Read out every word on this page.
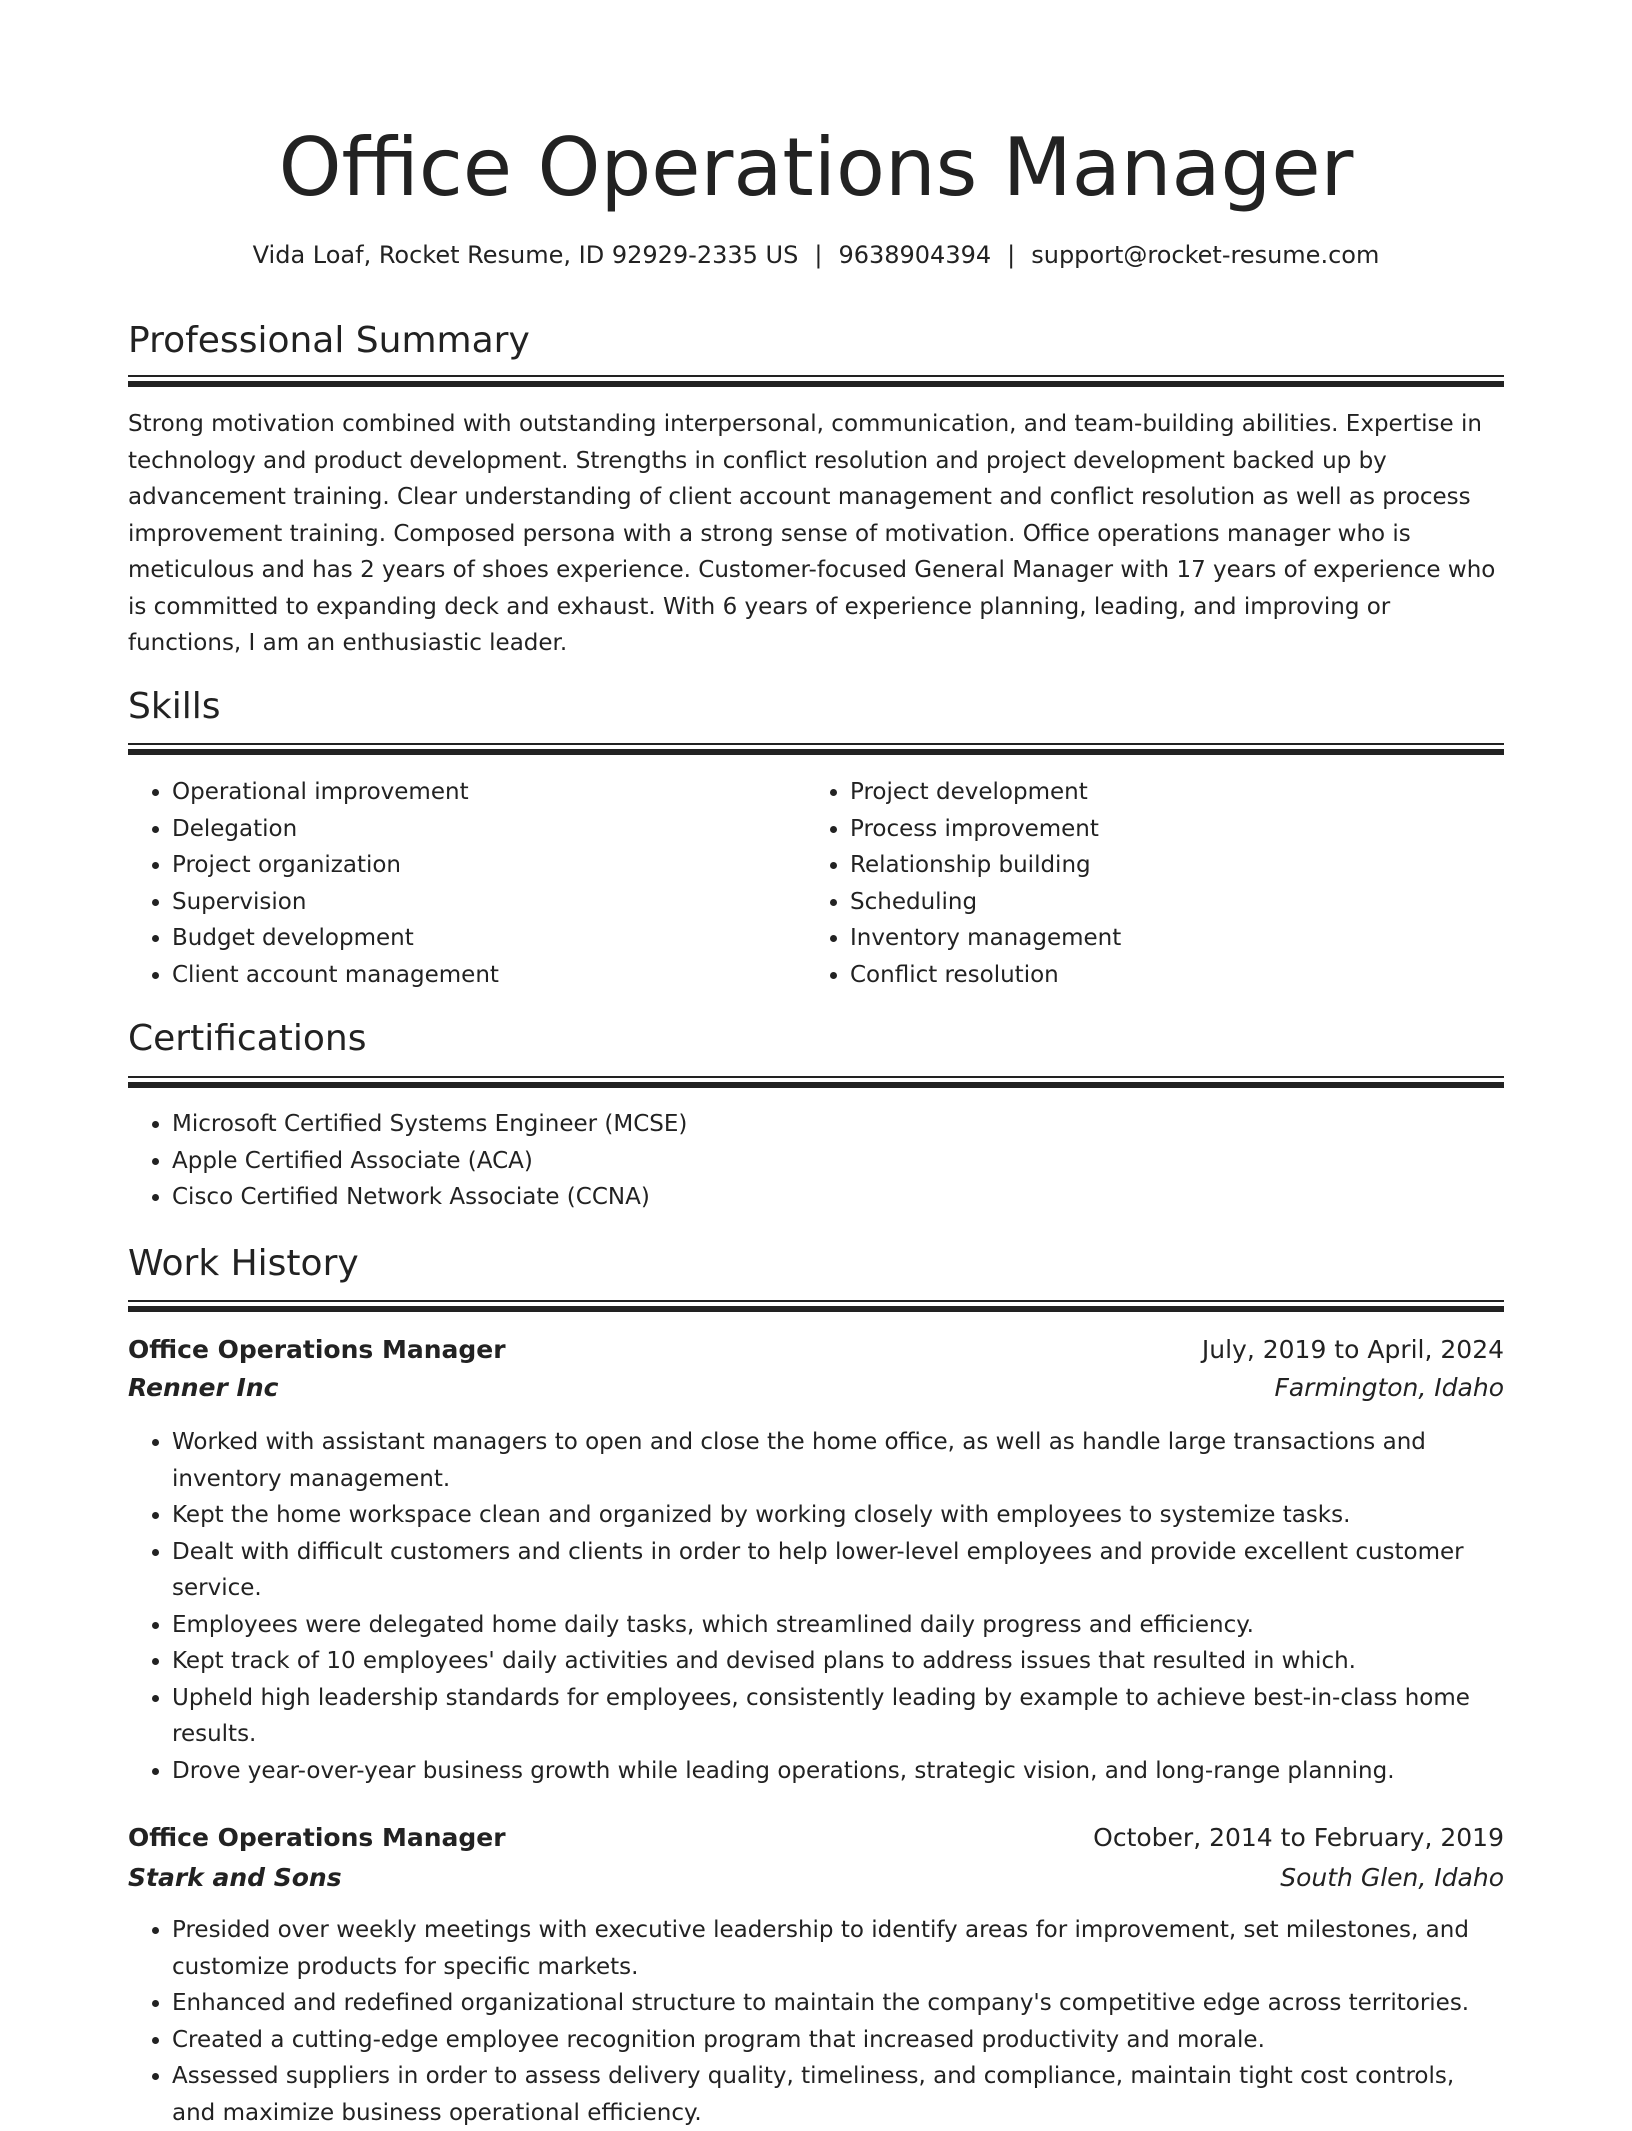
Office Operations Manager
Vida Loaf, Rocket Resume, ID 92929-2335 US | 9638904394 | support@rocket-resume.com
Professional Summary

Strong motivation combined with outstanding interpersonal, communication, and team-building abilities. Expertise in technology and product development. Strengths in conflict resolution and project development backed up by advancement training. Clear understanding of client account management and conflict resolution as well as process improvement training. Composed persona with a strong sense of motivation. Office operations manager who is meticulous and has 2 years of shoes experience. Customer-focused General Manager with 17 years of experience who is committed to expanding deck and exhaust. With 6 years of experience planning, leading, and improving or functions, I am an enthusiastic leader.

Skills
• Operational improvement
• Delegation
• Project organization
• Supervision
• Budget development
• Client account management
• Project development
• Process improvement
• Relationship building
• Scheduling
• Inventory management
• Conflict resolution
Certifications
• Microsoft Certified Systems Engineer (MCSE)
• Apple Certified Associate (ACA)
• Cisco Certified Network Associate (CCNA)
Work History
Office Operations Manager	July, 2019 to April, 2024
Renner Inc	Farmington, Idaho
• Worked with assistant managers to open and close the home office, as well as handle large transactions and inventory management.
• Kept the home workspace clean and organized by working closely with employees to systemize tasks.
• Dealt with difficult customers and clients in order to help lower-level employees and provide excellent customer service.
• Employees were delegated home daily tasks, which streamlined daily progress and efficiency.
• Kept track of 10 employees' daily activities and devised plans to address issues that resulted in which.
• Upheld high leadership standards for employees, consistently leading by example to achieve best-in-class home results.
• Drove year-over-year business growth while leading operations, strategic vision, and long-range planning.
Office Operations Manager	October, 2014 to February, 2019
Stark and Sons	South Glen, Idaho
• Presided over weekly meetings with executive leadership to identify areas for improvement, set milestones, and customize products for specific markets.
• Enhanced and redefined organizational structure to maintain the company's competitive edge across territories.
• Created a cutting-edge employee recognition program that increased productivity and morale.
• Assessed suppliers in order to assess delivery quality, timeliness, and compliance, maintain tight cost controls, and maximize business operational efficiency.
